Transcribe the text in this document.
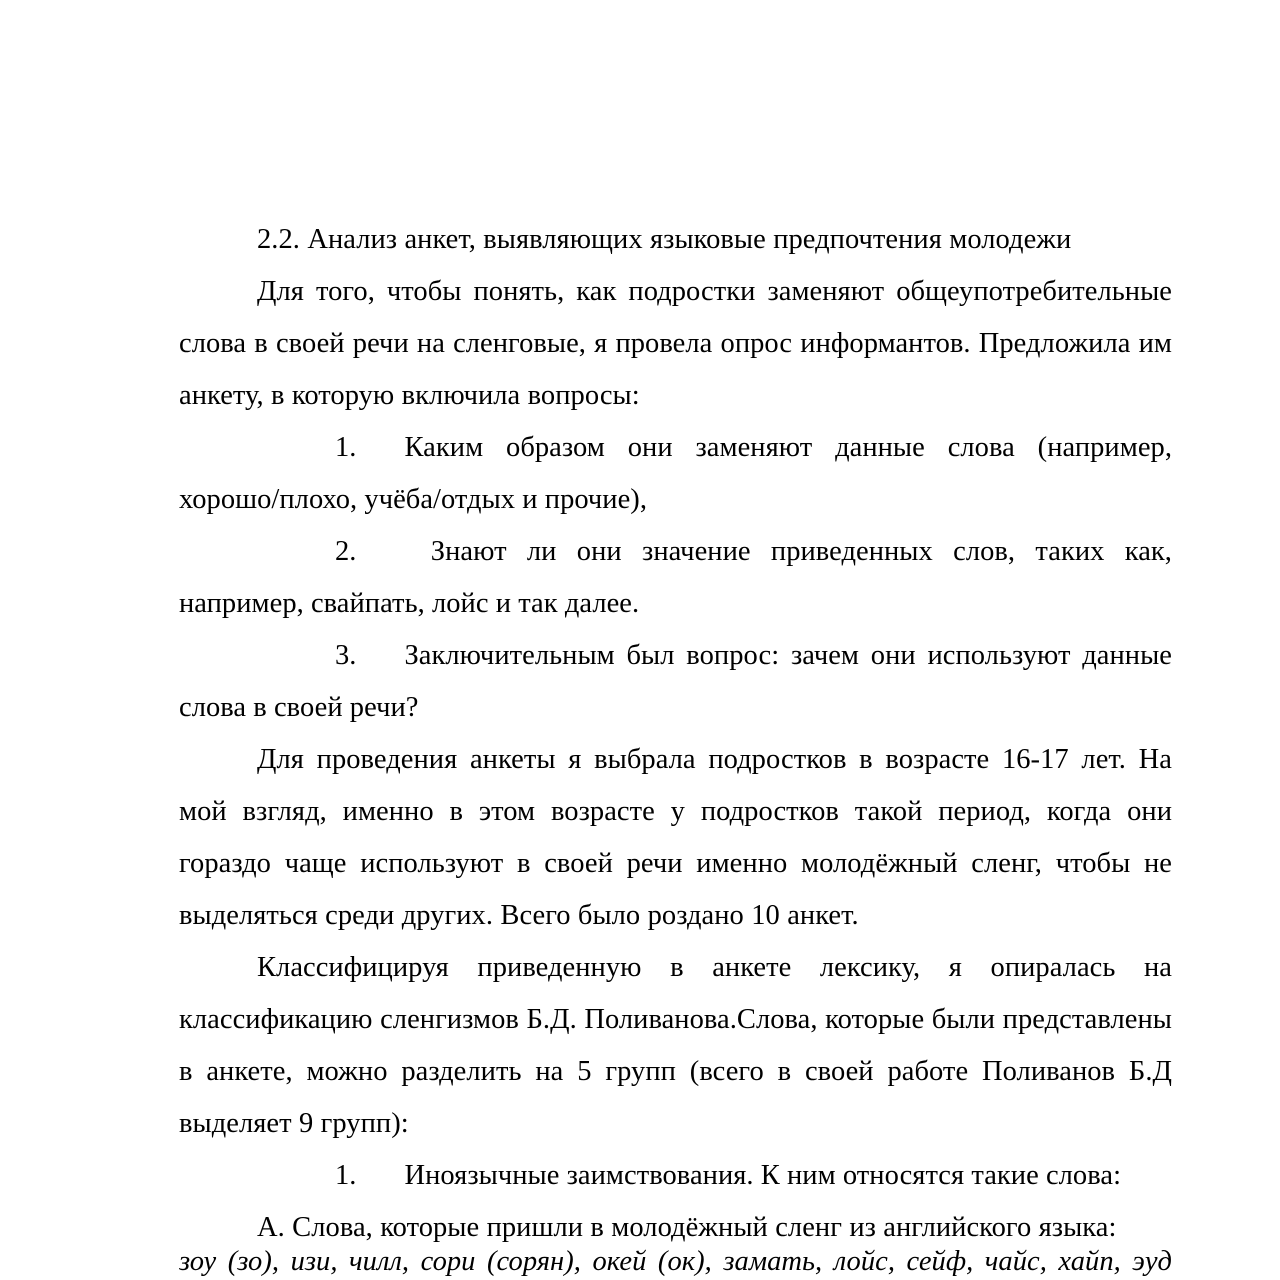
2.2. Анализ анкет, выявляющих языковые предпочтения молодежи

Для того, чтобы понять, как подростки заменяют общеупотребительные слова в своей речи на сленговые, я провела опрос информантов. Предложила им анкету, в которую включила вопросы:

1. Каким образом они заменяют данные слова (например, хорошо/плохо, учёба/отдых и прочие),

2. Знают ли они значение приведенных слов, таких как, например, свайпать, лойс и так далее.

3. Заключительным был вопрос: зачем они используют данные слова в своей речи?

Для проведения анкеты я выбрала подростков в возрасте 16-17 лет. На мой взгляд, именно в этом возрасте у подростков такой период, когда они гораздо чаще используют в своей речи именно молодёжный сленг, чтобы не выделяться среди других. Всего было роздано 10 анкет.

Классифицируя приведенную в анкете лексику, я опиралась на классификацию сленгизмов Б.Д. Поливанова.Слова, которые были представлены в анкете, можно разделить на 5 групп (всего в своей работе Поливанов Б.Д выделяет 9 групп):

1. Иноязычные заимствования. К ним относятся такие слова:

А. Слова, которые пришли в молодёжный сленг из английского языка:

зоу (зо), изи, чилл, сори (сорян), окей (ок), замать, лойс, сейф, чайс, хайп, эуд
